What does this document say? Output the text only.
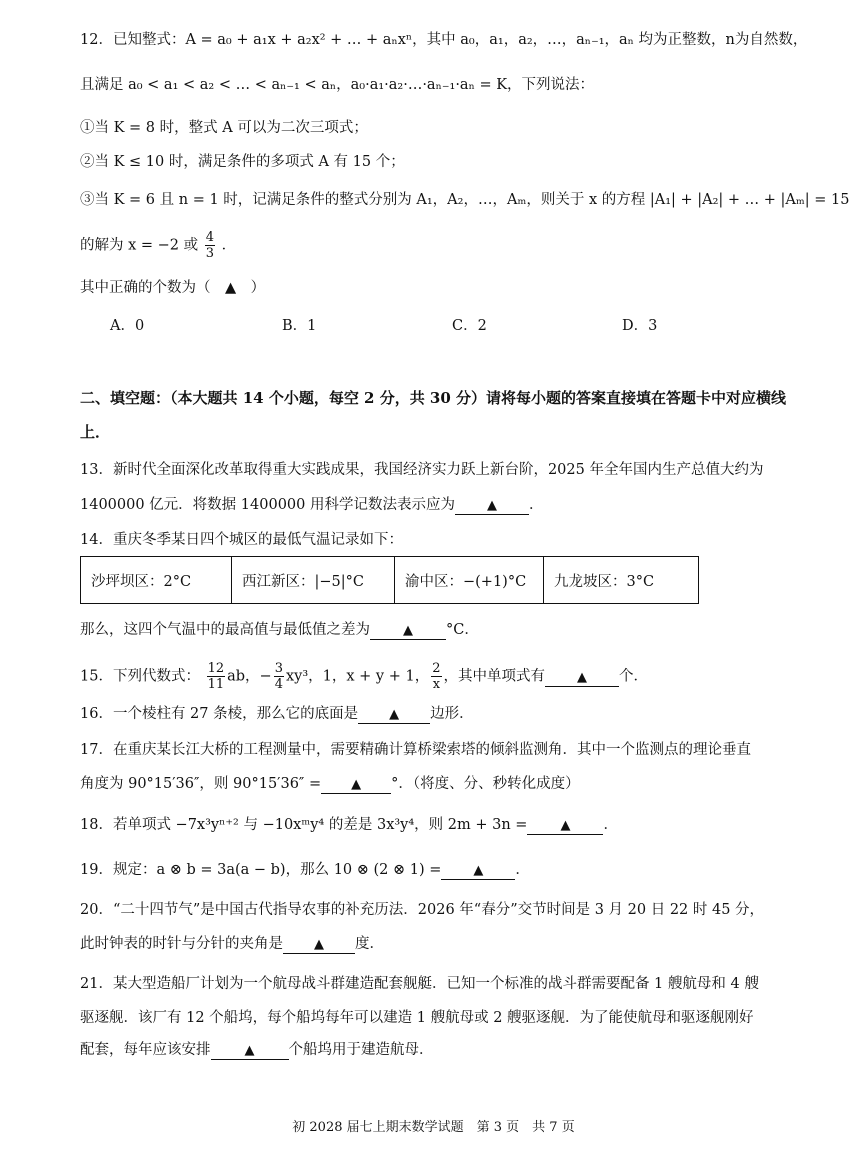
12．已知整式：A = a₀ + a₁x + a₂x² + … + aₙxⁿ，其中 a₀，a₁，a₂，…，aₙ₋₁，aₙ 均为正整数，n为自然数，
且满足 a₀ < a₁ < a₂ < … < aₙ₋₁ < aₙ，a₀·a₁·a₂·…·aₙ₋₁·aₙ = K，下列说法：
①当 K = 8 时，整式 A 可以为二次三项式；
②当 K ≤ 10 时，满足条件的多项式 A 有 15 个；
③当 K = 6 且 n = 1 时，记满足条件的整式分别为 A₁，A₂，…，Aₘ，则关于 x 的方程 |A₁| + |A₂| + … + |Aₘ| = 15
的解为 x = −2 或 $\frac{4}{3}$ ．
其中正确的个数为（　▲　）
A．0	B．1	C．2	D．3
二、填空题：（本大题共 14 个小题，每空 2 分，共 30 分）请将每小题的答案直接填在答题卡中对应横线
上．
13．新时代全面深化改革取得重大实践成果，我国经济实力跃上新台阶，2025 年全年国内生产总值大约为
1400000 亿元．将数据 1400000 用科学记数法表示应为 ▲ ．
14．重庆冬季某日四个城区的最低气温记录如下：
沙坪坝区：2°C	西江新区：|−5|°C	渝中区：−(+1)°C	九龙坡区：3°C
那么，这四个气温中的最高值与最低值之差为	▲ °C．
15．下列代数式： $\frac{12}{11}$ ab，− $\frac{3}{4} xy^3$，1，x + y + 1， $\frac{2}{x}$ ，其中单项式有 ▲ 个．
16．一个棱柱有 27 条棱，那么它的底面是 ▲ 边形．
17．在重庆某长江大桥的工程测量中，需要精确计算桥梁索塔的倾斜监测角．其中一个监测点的理论垂直
角度为 90°15′36″，则 90°15′36″ = ▲ °．（将度、分、秒转化成度）
18．若单项式 −7x³yⁿ⁺² 与 −10xᵐy⁴ 的差是 3x³y⁴，则 2m + 3n =	▲ ．
19．规定：a ⊗ b = 3a(a − b)，那么 10 ⊗ (2 ⊗ 1) = ▲ ．
20．“二十四节气”是中国古代指导农事的补充历法．2026 年“春分”交节时间是 3 月 20 日 22 时 45 分，
此时钟表的时针与分针的夹角是 ▲ 度．
21．某大型造船厂计划为一个航母战斗群建造配套舰艇．已知一个标准的战斗群需要配备 1 艘航母和 4 艘
驱逐舰．该厂有 12 个船坞，每个船坞每年可以建造 1 艘航母或 2 艘驱逐舰．为了能使航母和驱逐舰刚好
配套，每年应该安排	▲ 个船坞用于建造航母．
初 2028 届七上期末数学试题　第 3 页　共 7 页
